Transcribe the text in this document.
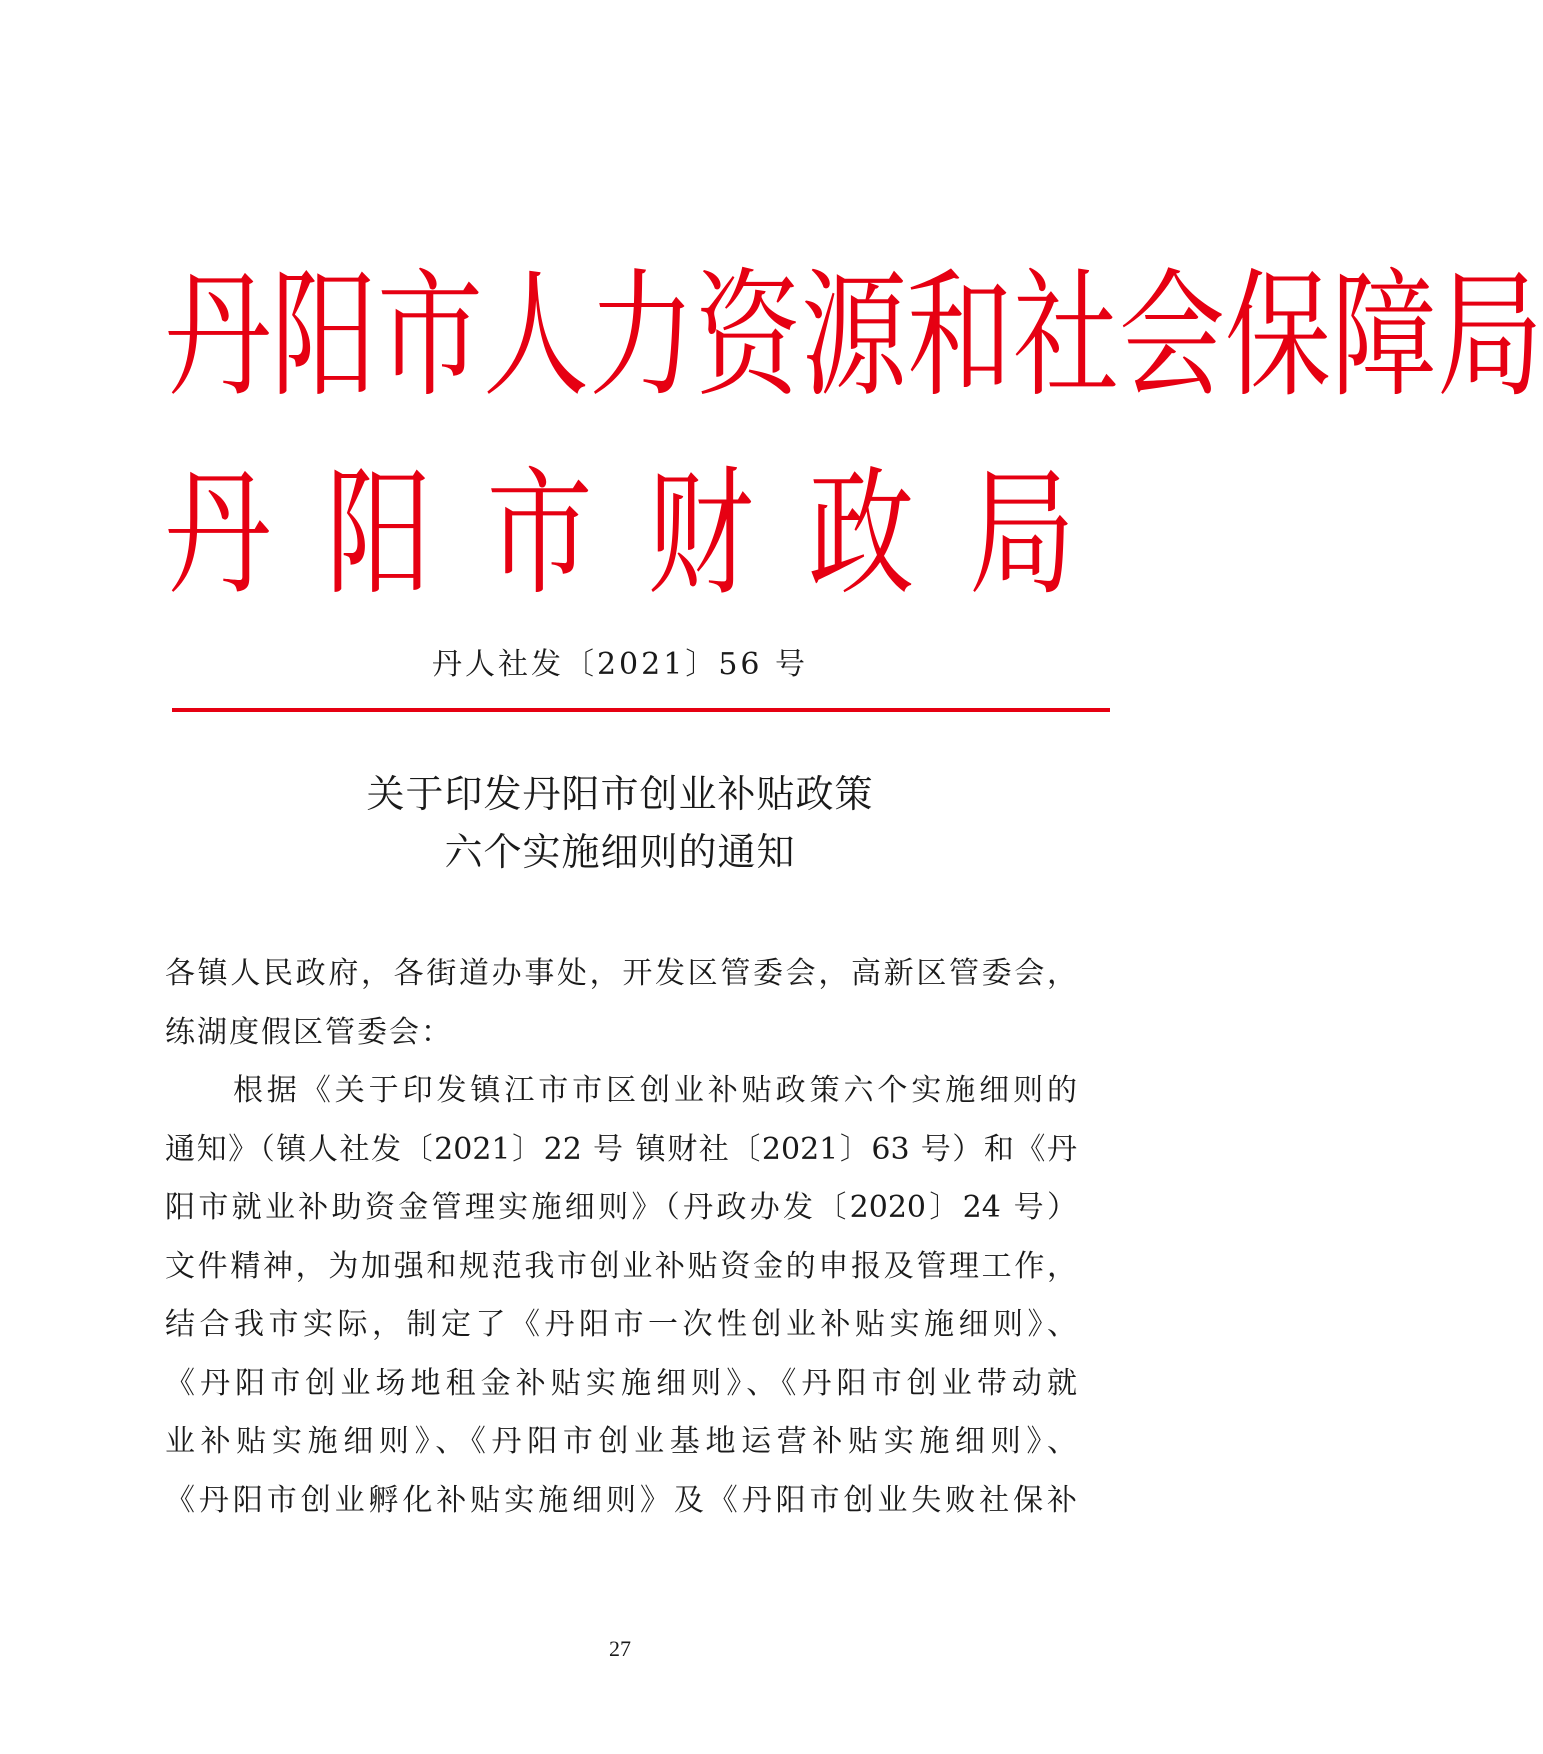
丹 阳 市 人 力 资 源 和 社 会 保 障 局
丹 阳 市 财 政 局
丹人社发〔2021〕56 号
关于印发丹阳市创业补贴政策
六个实施细则的通知
各镇人民政府，各街道办事处，开发区管委会，高新区管委会，
练湖度假区管委会：
根据《关于印发镇江市市区创业补贴政策六个实施细则的
通知》（镇人社发〔2021〕22 号 镇财社〔2021〕63 号）和《丹
阳市就业补助资金管理实施细则》（丹政办发〔2020〕24 号）
文件精神，为加强和规范我市创业补贴资金的申报及管理工作，
结合我市实际，制定了《丹阳市一次性创业补贴实施细则》、
《丹阳市创业场地租金补贴实施细则》、《丹阳市创业带动就
业补贴实施细则》、《丹阳市创业基地运营补贴实施细则》、
《丹阳市创业孵化补贴实施细则》及《丹阳市创业失败社保补
27
